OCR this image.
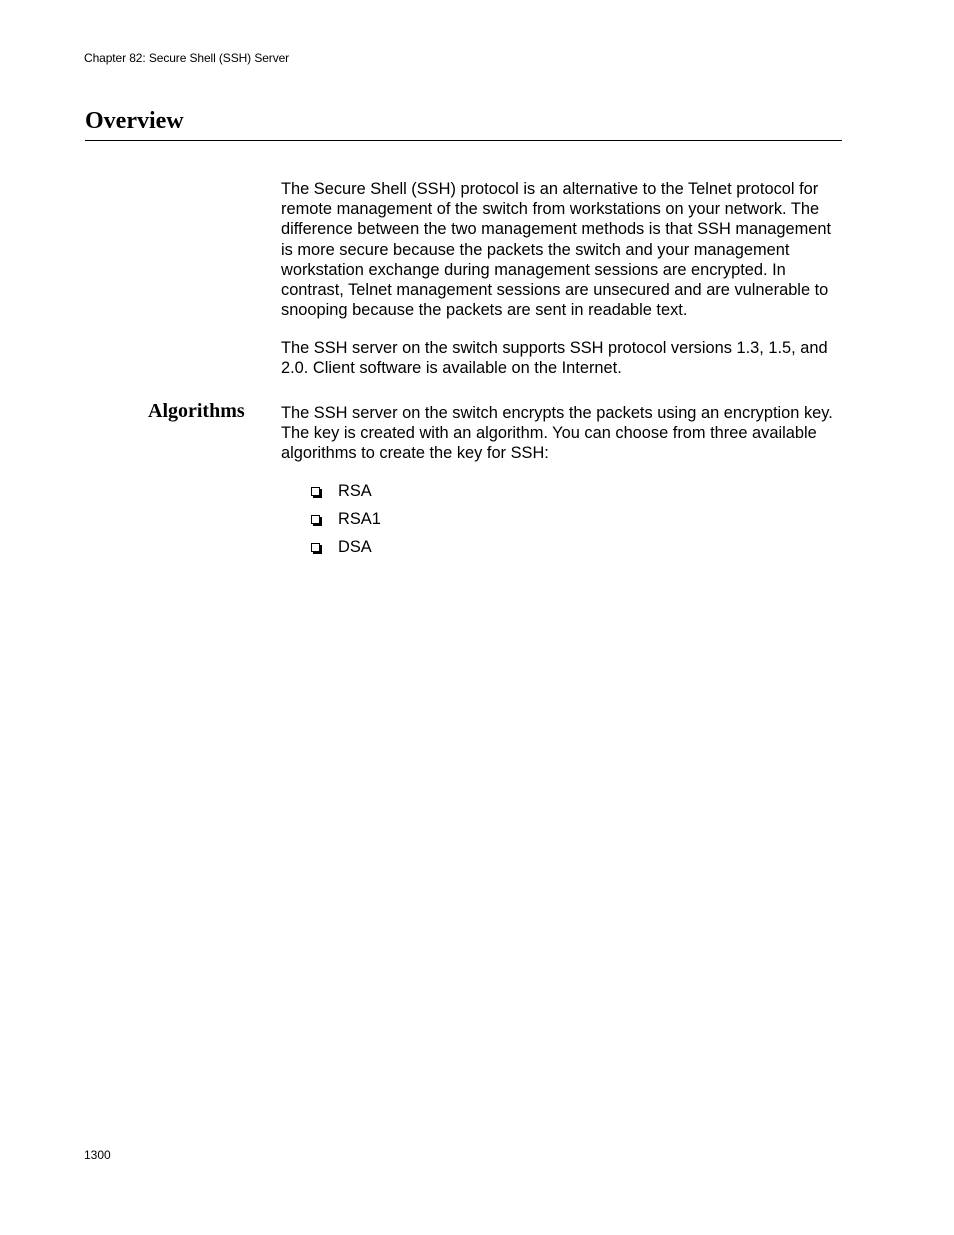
Chapter 82: Secure Shell (SSH) Server
Overview

The Secure Shell (SSH) protocol is an alternative to the Telnet protocol for remote management of the switch from workstations on your network. The difference between the two management methods is that SSH management is more secure because the packets the switch and your management workstation exchange during management sessions are encrypted. In contrast, Telnet management sessions are unsecured and are vulnerable to snooping because the packets are sent in readable text.

The SSH server on the switch supports SSH protocol versions 1.3, 1.5, and 2.0. Client software is available on the Internet.

Algorithms The SSH server on the switch encrypts the packets using an encryption key. The key is created with an algorithm. You can choose from three available algorithms to create the key for SSH:

RSA
RSA1
DSA
1300
